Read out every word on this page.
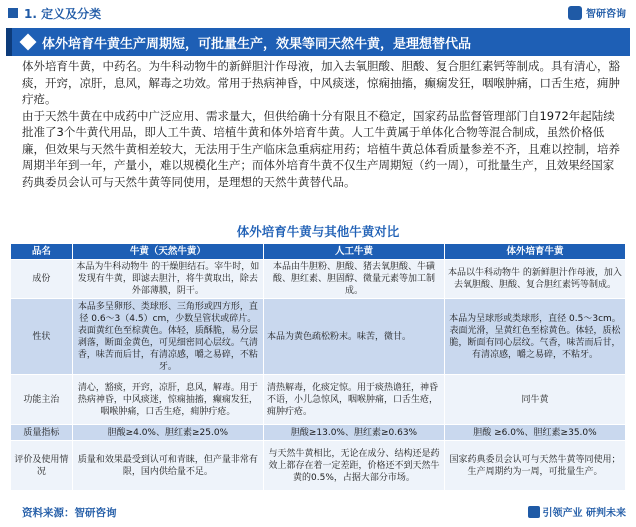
1. 定义及分类	智研咨询
体外培育牛黄生产周期短，可批量生产，效果等同天然牛黄，是理想替代品

体外培育牛黄，中药名。为牛科动物牛的新鲜胆汁作母液，加入去氧胆酸、胆酸、复合胆红素钙等制成。具有清心，豁痰，开窍，凉肝，息风，解毒之功效。常用于热病神昏，中风痰迷，惊痫抽搐，癫痫发狂，咽喉肿痛，口舌生疮，痈肿疔疮。

由于天然牛黄在中成药中广泛应用、需求量大，但供给确十分有限且不稳定，国家药品监督管理部门自1972年起陆续批准了3个牛黄代用品，即人工牛黄、培植牛黄和体外培育牛黄。人工牛黄属于单体化合物等混合制成，虽然价格低廉，但效果与天然牛黄相差较大，无法用于生产临床急重病症用药；培植牛黄总体看质量参差不齐，且难以控制，培养周期半年到一年，产量小，难以规模化生产；而体外培育牛黄不仅生产周期短（约一周），可批量生产，且效果经国家药典委员会认可与天然牛黄等同使用，是理想的天然牛黄替代品。

体外培育牛黄与其他牛黄对比
品名	牛黄（天然牛黄）	人工牛黄	体外培育牛黄
成份	本品为牛科动物牛 的干燥胆结石。宰牛时，如发现有牛黄，即滤去胆汁，将牛黄取出，除去外部薄膜，阴干。	本品由牛胆粉、胆酸、猪去氧胆酸、牛磺酸、胆红素、胆固醇、微量元素等加工制成。	本品以牛科动物牛 的新鲜胆汁作母液，加入去氧胆酸、胆酸、复合胆红素钙等制成。
性状	本品多呈卵形、类球形、三角形或四方形，直径 0.6～3（4.5）cm，少数呈管状或碎片。表面黄红色至棕黄色。体轻，质酥脆，易分层剥落，断面金黄色，可见细密同心层纹。气清香，味苦而后甘，有清凉感，嚼之易碎，不粘牙。	本品为黄色疏松粉末。味苦，微甘。	本品为呈球形或类球形，直径 0.5～3cm。表面光滑，呈黄红色至棕黄色。体轻，质松脆，断面有同心层纹。气香，味苦而后甘，有清凉感，嚼之易碎，不粘牙。
功能主治	清心，豁痰，开窍，凉肝，息风，解毒。用于热病神昏，中风痰迷，惊痫抽搐，癫痫发狂，咽喉肿痛，口舌生疮，痈肿疔疮。	清热解毒，化痰定惊。用于痰热谵狂，神昏不语，小儿急惊风，咽喉肿痛，口舌生疮，痈肿疔疮。	同牛黄
质量指标	胆酸≥4.0%、胆红素≥25.0%	胆酸≥13.0%、胆红素≥0.63%	胆酸 ≥6.0%、胆红素≥35.0%
评价及使用情况	质量和效果最受到认可和青睐，但产量非常有限，国内供给量不足。	与天然牛黄相比，无论在成分、结构还是药效上都存在着一定差距，价格还不到天然牛黄的0.5%，占据大部分市场。	国家药典委员会认可与天然牛黄等同使用；生产周期约为一周，可批量生产。
资料来源：智研咨询	引领产业 研判未来
